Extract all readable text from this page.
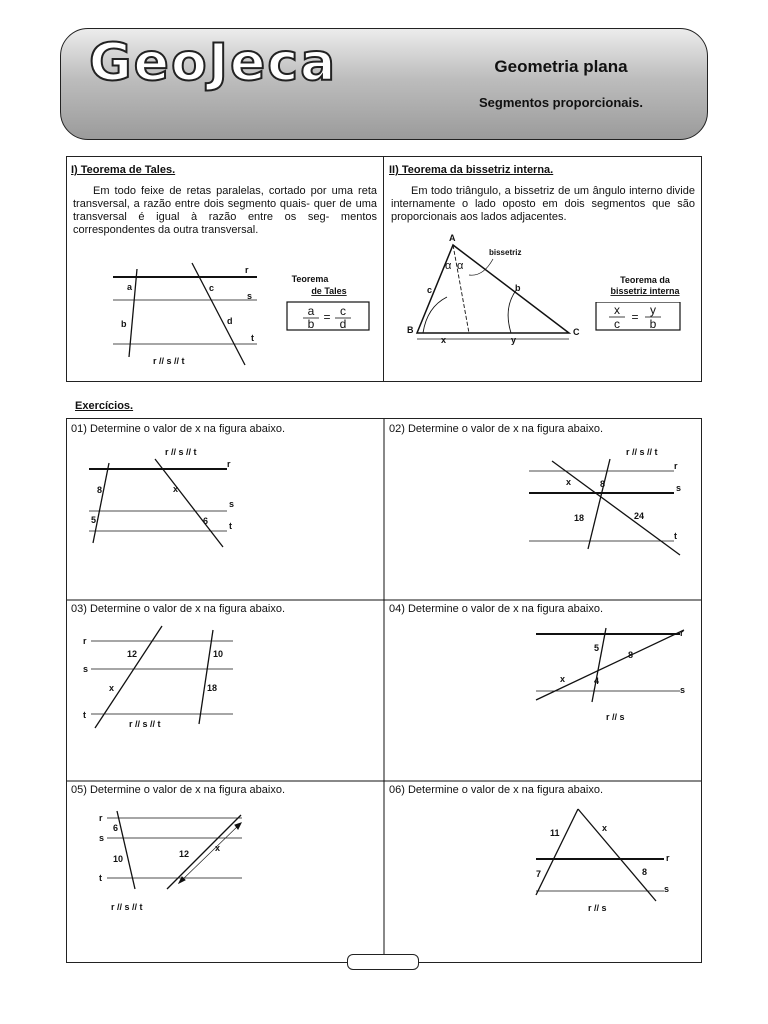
GeoJeca	Geometria plana
Segmentos proporcionais.
I) Teorema de Tales.
Em todo feixe de retas paralelas, cortado por uma reta transversal, a razão entre dois segmento quais- quer de uma transversal é igual à razão entre os seg- mentos correspondentes da outra transversal.
II) Teorema da bissetriz interna.
Em todo triângulo, a bissetriz de um ângulo interno divide internamente o lado oposto em dois segmentos que são proporcionais aos lados adjacentes.
r
s
t
a
b
c
d
r // s // t
Teorema
de Tales
a
b = c
d
A
B	C
c	b
x	y
bissetriz
Teorema da
bissetriz interna
α α
x
c = y
b
Exercícios.
01) Determine o valor de x na figura abaixo.	02) Determine o valor de x na figura abaixo.
03) Determine o valor de x na figura abaixo.	04) Determine o valor de x na figura abaixo.
05) Determine o valor de x na figura abaixo.	06) Determine o valor de x na figura abaixo.
r // s // t
r
s
t
8
5
x
6
r // s // t
r
s
t
x	8
18	24
r
s
t
12	10
x	18
r // s // t
r
s
5
8
x	4
r // s
r
s
t
6
10	12
x
r // s // t
r
s
11	x
7	8
r // s
